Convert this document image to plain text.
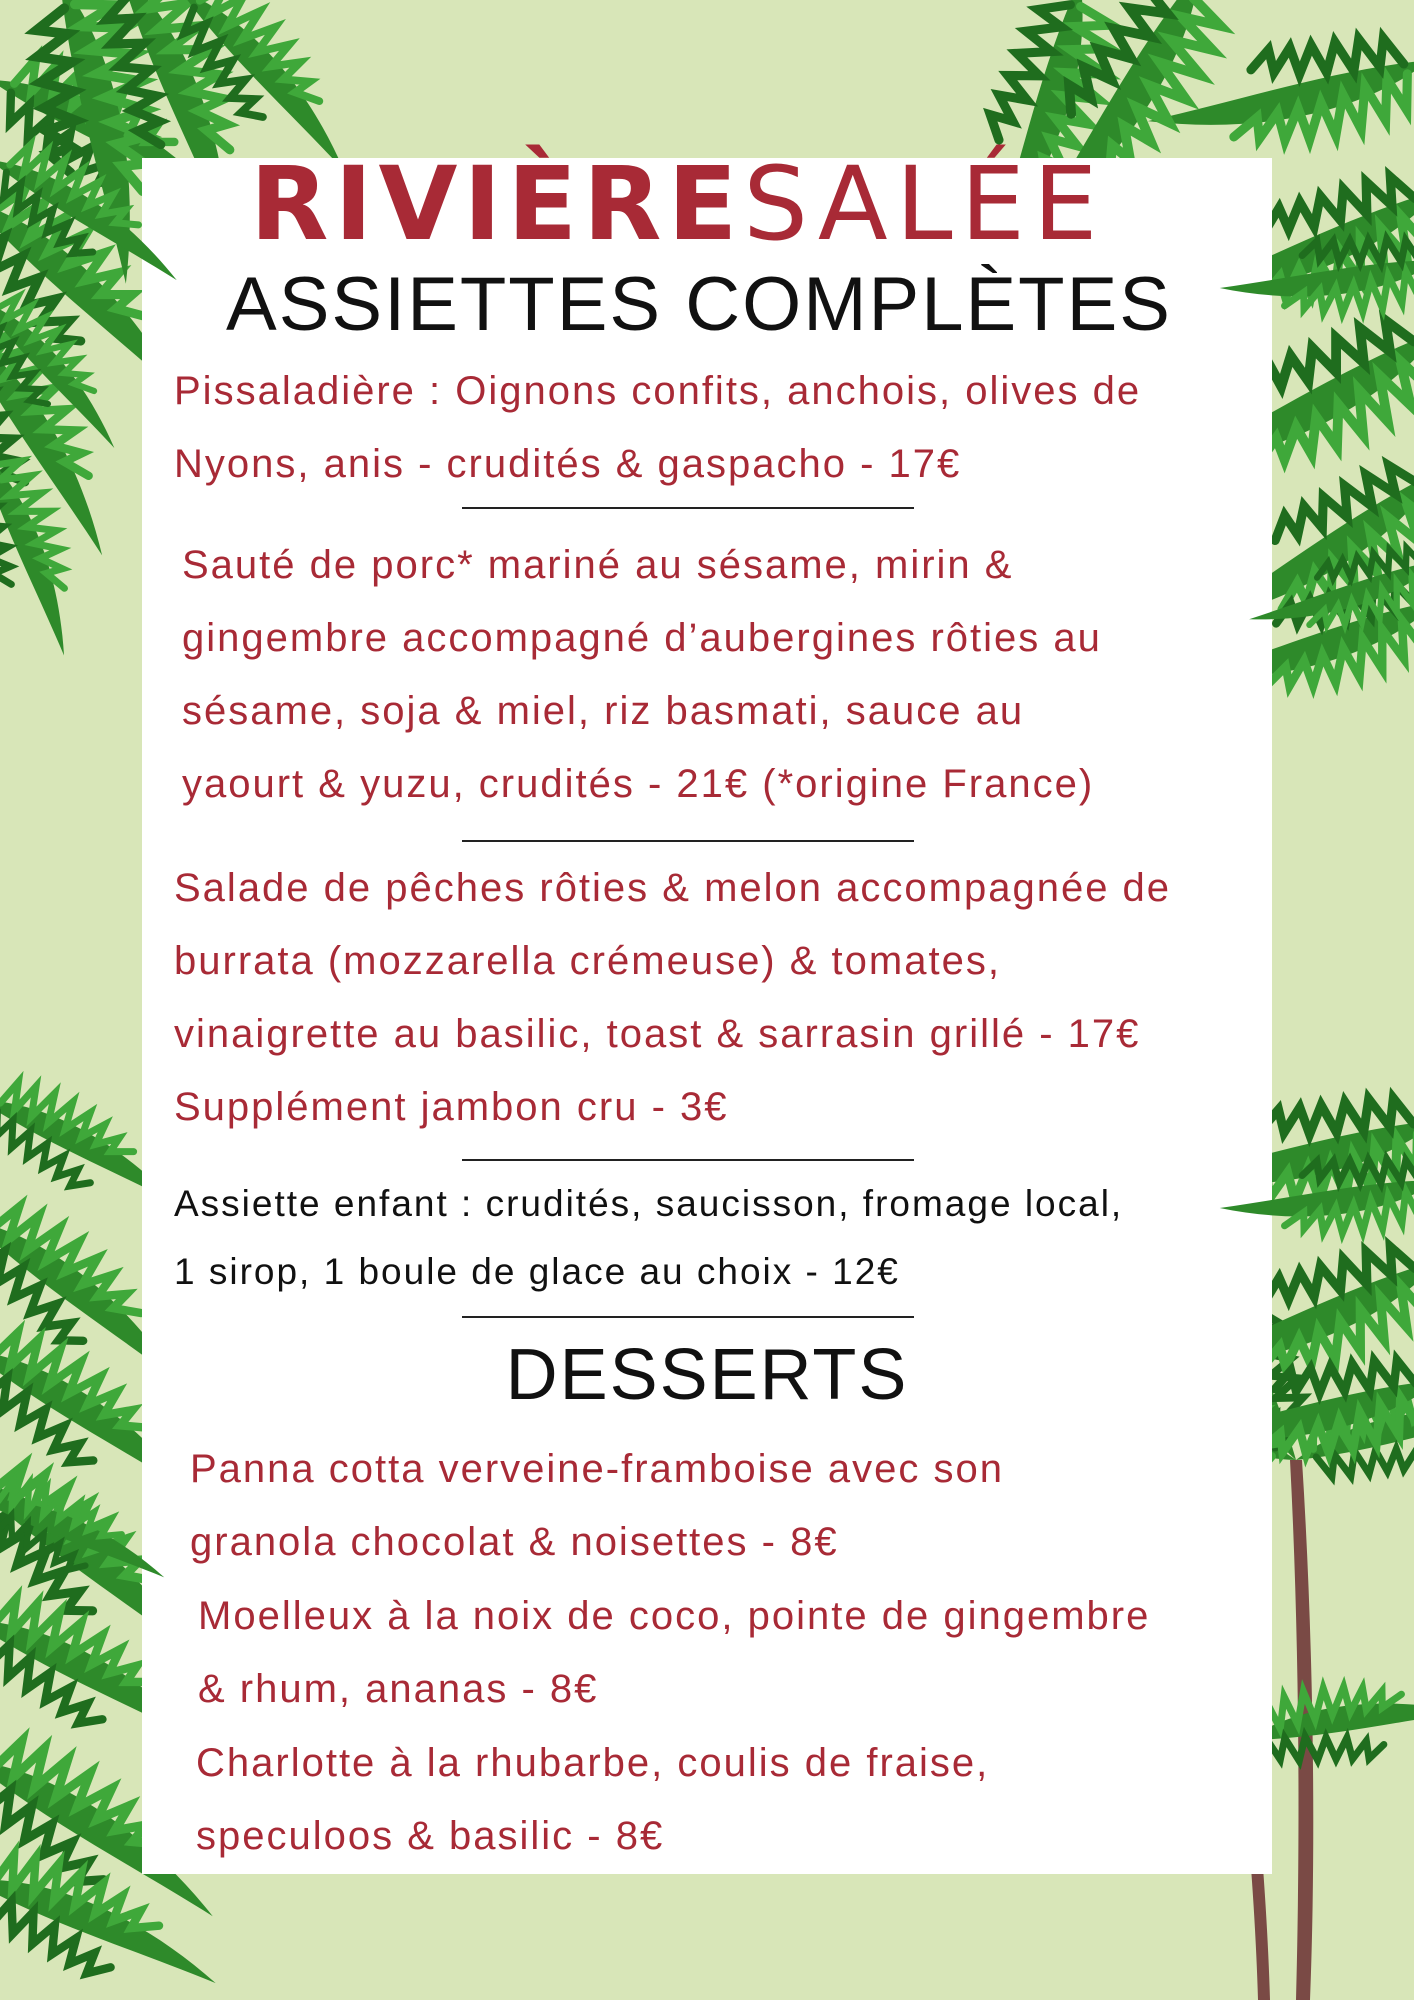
RIVIÈRESALÉE
ASSIETTES COMPLÈTES
Pissaladière : Oignons confits, anchois, olives de
Nyons, anis - crudités & gaspacho - 17€
Sauté de porc* mariné au sésame, mirin &
gingembre accompagné d’aubergines rôties au
sésame, soja & miel, riz basmati, sauce au
yaourt & yuzu, crudités - 21€ (*origine France)
Salade de pêches rôties & melon accompagnée de
burrata (mozzarella crémeuse) & tomates,
vinaigrette au basilic, toast & sarrasin grillé - 17€
Supplément jambon cru - 3€
Assiette enfant : crudités, saucisson, fromage local,
1 sirop, 1 boule de glace au choix - 12€
DESSERTS
Panna cotta verveine-framboise avec son
granola chocolat & noisettes - 8€
Moelleux à la noix de coco, pointe de gingembre
& rhum, ananas - 8€
Charlotte à la rhubarbe, coulis de fraise,
speculoos & basilic - 8€
